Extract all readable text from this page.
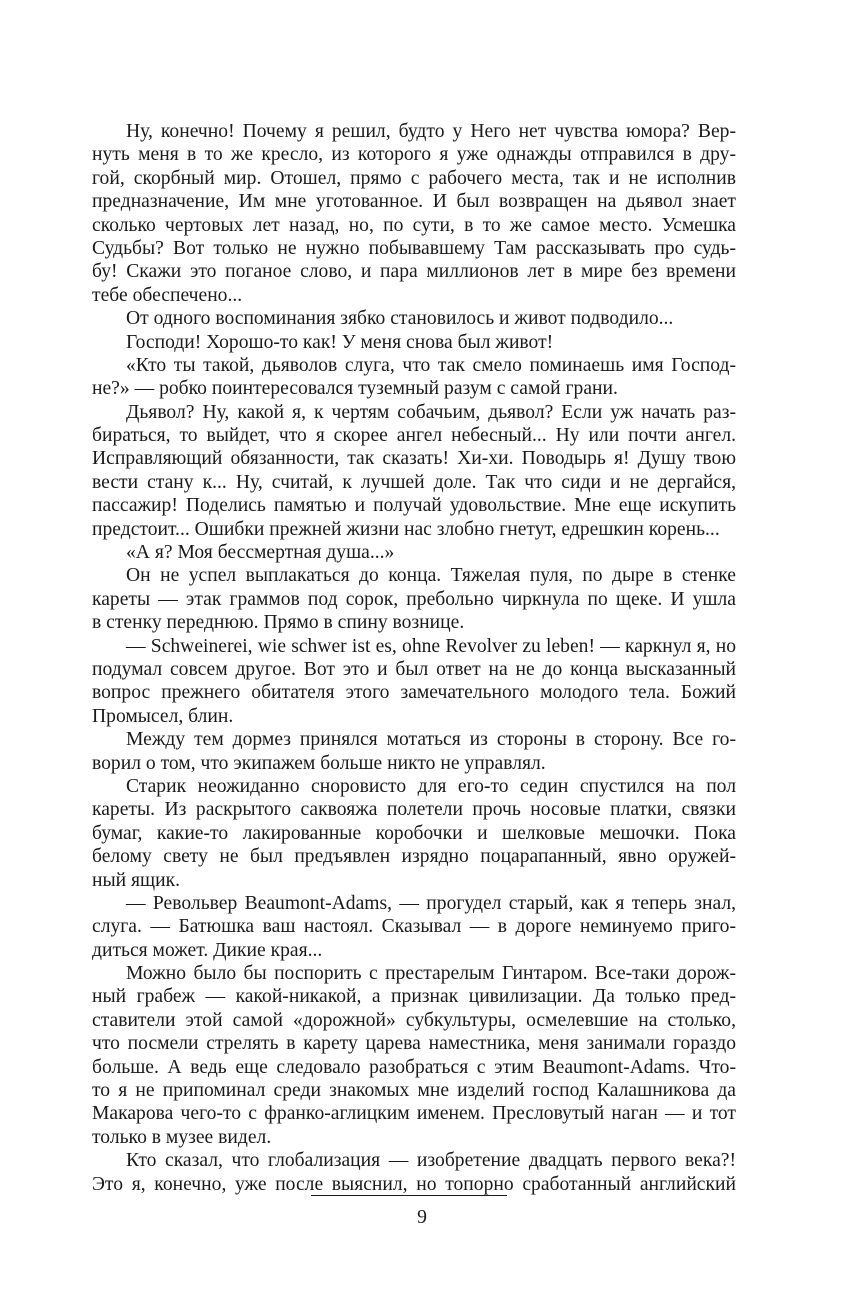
Ну, конечно! Почему я решил, будто у Него нет чувства юмора? Вер-
нуть меня в то же кресло, из которого я уже однажды отправился в дру-
гой, скорбный мир. Отошел, прямо с рабочего места, так и не исполнив
предназначение, Им мне уготованное. И был возвращен на дьявол знает
сколько чертовых лет назад, но, по сути, в то же самое место. Усмешка
Судьбы? Вот только не нужно побывавшему Там рассказывать про судь-
бу! Скажи это поганое слово, и пара миллионов лет в мире без времени
тебе обеспечено...
От одного воспоминания зябко становилось и живот подводило...
Господи! Хорошо-то как! У меня снова был живот!
«Кто ты такой, дьяволов слуга, что так смело поминаешь имя Господ-
не?» — робко поинтересовался туземный разум с самой грани.
Дьявол? Ну, какой я, к чертям собачьим, дьявол? Если уж начать раз-
бираться, то выйдет, что я скорее ангел небесный... Ну или почти ангел.
Исправляющий обязанности, так сказать! Хи-хи. Поводырь я! Душу твою
вести стану к... Ну, считай, к лучшей доле. Так что сиди и не дергайся,
пассажир! Поделись памятью и получай удовольствие. Мне еще искупить
предстоит... Ошибки прежней жизни нас злобно гнетут, едрешкин корень...
«А я? Моя бессмертная душа...»
Он не успел выплакаться до конца. Тяжелая пуля, по дыре в стенке
кареты — этак граммов под сорок, пребольно чиркнула по щеке. И ушла
в стенку переднюю. Прямо в спину вознице.
— Schweinerei, wie schwer ist es, ohne Revolver zu leben! — каркнул я, но
подумал совсем другое. Вот это и был ответ на не до конца высказанный
вопрос прежнего обитателя этого замечательного молодого тела. Божий
Промысел, блин.
Между тем дормез принялся мотаться из стороны в сторону. Все го-
ворил о том, что экипажем больше никто не управлял.
Старик неожиданно сноровисто для его-то седин спустился на пол
кареты. Из раскрытого саквояжа полетели прочь носовые платки, связки
бумаг, какие-то лакированные коробочки и шелковые мешочки. Пока
белому свету не был предъявлен изрядно поцарапанный, явно оружей-
ный ящик.
— Револьвер Beaumont-Adams, — прогудел старый, как я теперь знал,
слуга. — Батюшка ваш настоял. Сказывал — в дороге неминуемо приго-
диться может. Дикие края...
Можно было бы поспорить с престарелым Гинтаром. Все-таки дорож-
ный грабеж — какой-никакой, а признак цивилизации. Да только пред-
ставители этой самой «дорожной» субкультуры, осмелевшие на столько,
что посмели стрелять в карету царева наместника, меня занимали гораздо
больше. А ведь еще следовало разобраться с этим Beaumont-Adams. Что-
то я не припоминал среди знакомых мне изделий господ Калашникова да
Макарова чего-то с франко-аглицким именем. Пресловутый наган — и тот
только в музее видел.
Кто сказал, что глобализация — изобретение двадцать первого века?!
Это я, конечно, уже после выяснил, но топорно сработанный английский
9
